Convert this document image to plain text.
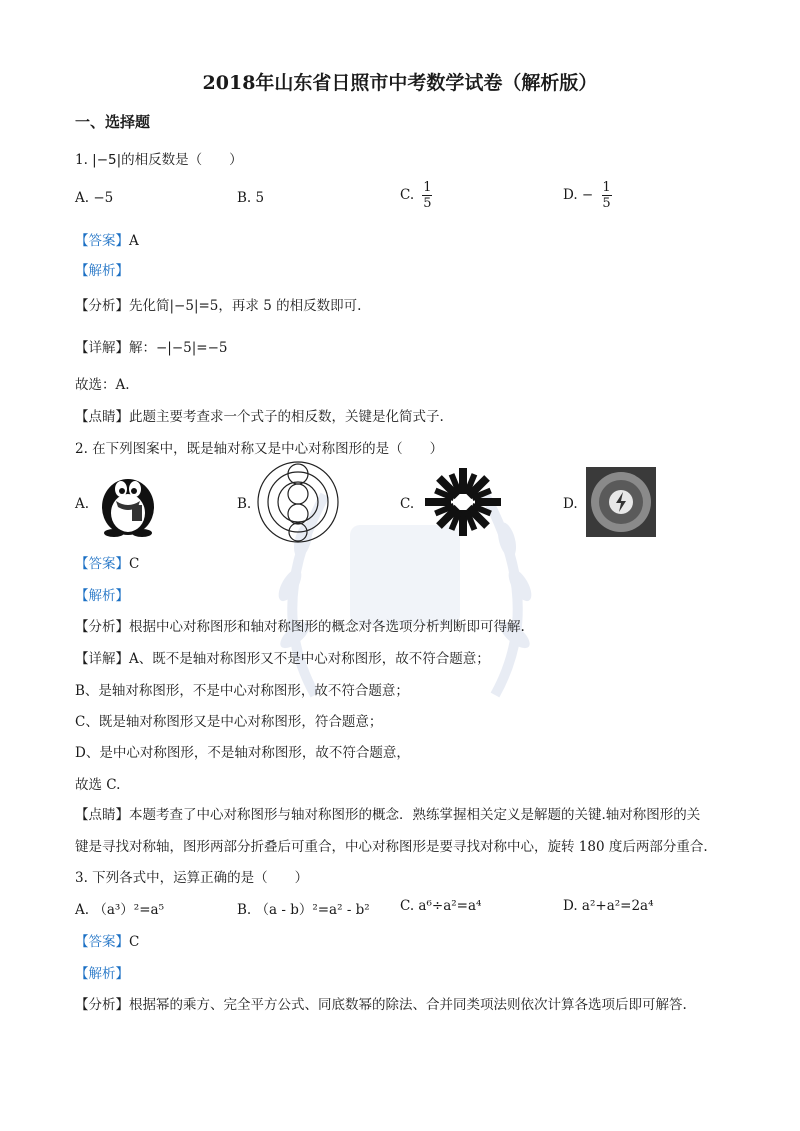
2018年山东省日照市中考数学试卷（解析版）
一、选择题
1. |−5|的相反数是（　　）
A. −5	B. 5	C. $\frac{1}{5}$	D. − $\frac{1}{5}$
【答案】A
【解析】
【分析】先化简|−5|=5，再求 5 的相反数即可.
【详解】解：−|−5|=−5
故选：A.
【点睛】此题主要考查求一个式子的相反数，关键是化简式子.
2. 在下列图案中，既是轴对称又是中心对称图形的是（　　）
A.	B.	C.	D.
【答案】C
【解析】
【分析】根据中心对称图形和轴对称图形的概念对各选项分析判断即可得解.
【详解】A、既不是轴对称图形又不是中心对称图形，故不符合题意；
B、是轴对称图形，不是中心对称图形，故不符合题意；
C、既是轴对称图形又是中心对称图形，符合题意；
D、是中心对称图形，不是轴对称图形，故不符合题意，
故选 C.
【点睛】本题考查了中心对称图形与轴对称图形的概念．熟练掌握相关定义是解题的关键.轴对称图形的关
键是寻找对称轴，图形两部分折叠后可重合，中心对称图形是要寻找对称中心，旋转 180 度后两部分重合.
3. 下列各式中，运算正确的是（　　）
A. （a³）²=a⁵	B. （a - b）²=a² - b² C. a⁶÷a²=a⁴	D. a²+a²=2a⁴
【答案】C
【解析】
【分析】根据幂的乘方、完全平方公式、同底数幂的除法、合并同类项法则依次计算各选项后即可解答.
